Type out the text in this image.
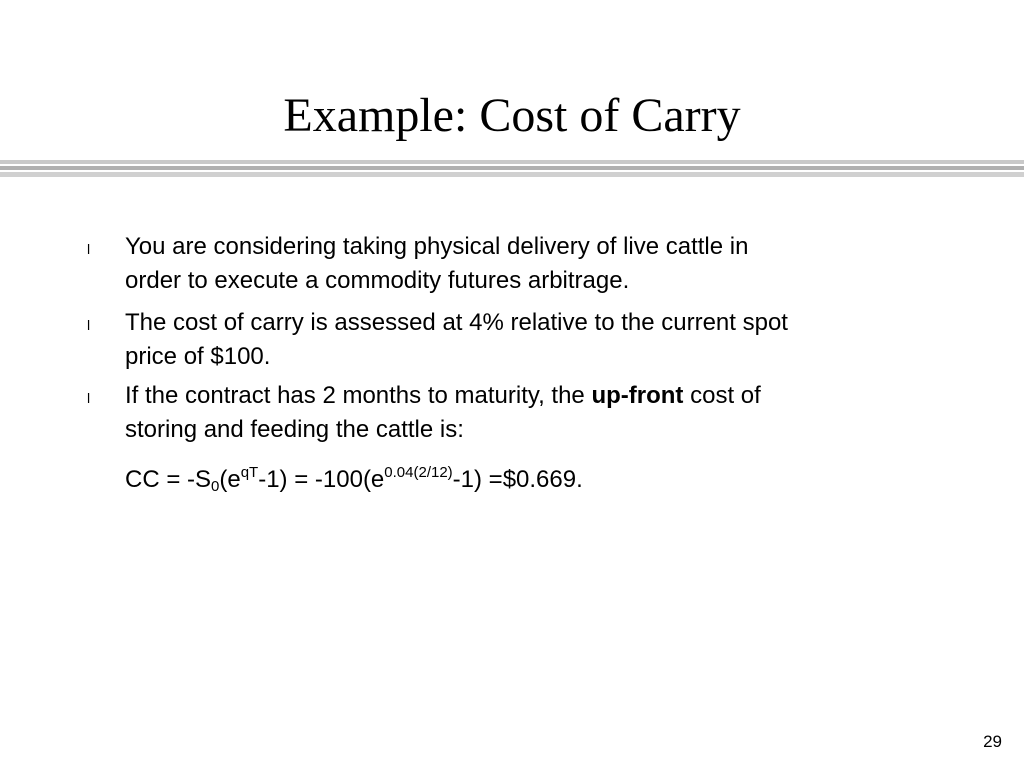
Example: Cost of Carry
l You are considering taking physical delivery of live cattle in
order to execute a commodity futures arbitrage.
l The cost of carry is assessed at 4% relative to the current spot
price of $100.
l If the contract has 2 months to maturity, the up-front cost of
storing and feeding the cattle is:
CC = $-S_0(e^{qT}-1) = -100(e^{0.04(2/12)}-1)$ =$0.669.
29
